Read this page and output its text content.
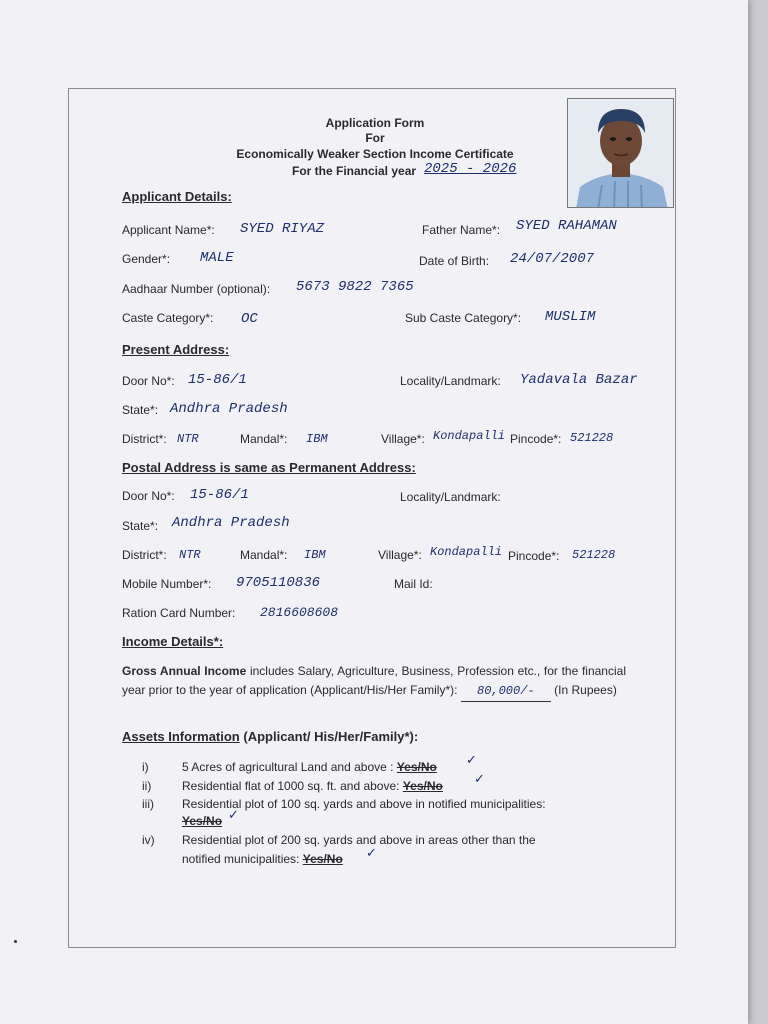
Application Form
For
Economically Weaker Section Income Certificate
For the Financial year 2025 - 2026
Applicant Details:
Applicant Name*: SYED RIYAZ	Father Name*: SYED RAHAMAN
Gender*: MALE	Date of Birth: 24/07/2007
Aadhaar Number (optional): 5673 9822 7365
Caste Category*: OC	Sub Caste Category*: MUSLIM
Present Address:
Door No*: 15-86/1	Locality/Landmark: Yadavala Bazar
State*: Andhra Pradesh
District*: NTR	Mandal*: IBM	Village*: Kondapalli Pincode*: 521228
Postal Address is same as Permanent Address:
Door No*: 15-86/1	Locality/Landmark:
State*: Andhra Pradesh
District*: NTR	Mandal*: IBM	Village*: Kondapalli Pincode*: 521228
Mobile Number*: 9705110836	Mail Id:
Ration Card Number: 2816608608
Income Details*:
Gross Annual Income includes Salary, Agriculture, Business, Profession etc., for the financial year prior to the year of application (Applicant/His/Her Family*): 80,000/- (In Rupees)
Assets Information (Applicant/ His/Her/Family*):
i)	5 Acres of agricultural Land and above : Yes/No ✓
ii)	Residential flat of 1000 sq. ft. and above: Yes/No ✓
iii) Residential plot of 100 sq. yards and above in notified municipalities:
Yes/No ✓
iv) Residential plot of 200 sq. yards and above in areas other than the
notified municipalities: Yes/No ✓
